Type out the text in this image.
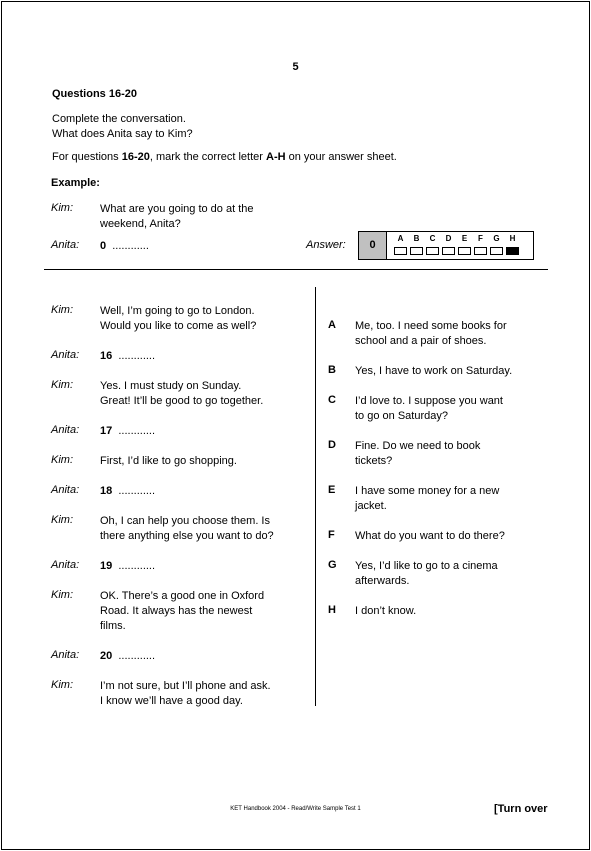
5
Questions 16-20
Complete the conversation.
What does Anita say to Kim?
For questions 16-20, mark the correct letter A-H on your answer sheet.
Example:
Kim: What are you going to do at the
weekend, Anita?
Anita: 0 ............	Answer:	0
A	B	C	D	E	F	G	H
Kim: Well, I’m going to go to London.
Would you like to come as well?
Anita: 16 ............
Kim: Yes. I must study on Sunday.
Great! It’ll be good to go together.
Anita: 17 ............
Kim: First, I’d like to go shopping.
Anita: 18 ............
Kim: Oh, I can help you choose them. Is
there anything else you want to do?
Anita: 19 ............
Kim: OK. There’s a good one in Oxford
Road. It always has the newest
films.
Anita: 20 ............
Kim: I’m not sure, but I’ll phone and ask.
I know we’ll have a good day.
A Me, too. I need some books for
school and a pair of shoes.
B Yes, I have to work on Saturday.
C I’d love to. I suppose you want
to go on Saturday?
D Fine. Do we need to book
tickets?
E I have some money for a new
jacket.
F What do you want to do there?
G Yes, I’d like to go to a cinema
afterwards.
H I don’t know.
KET Handbook 2004 - Read/Write Sample Test 1	[Turn over
